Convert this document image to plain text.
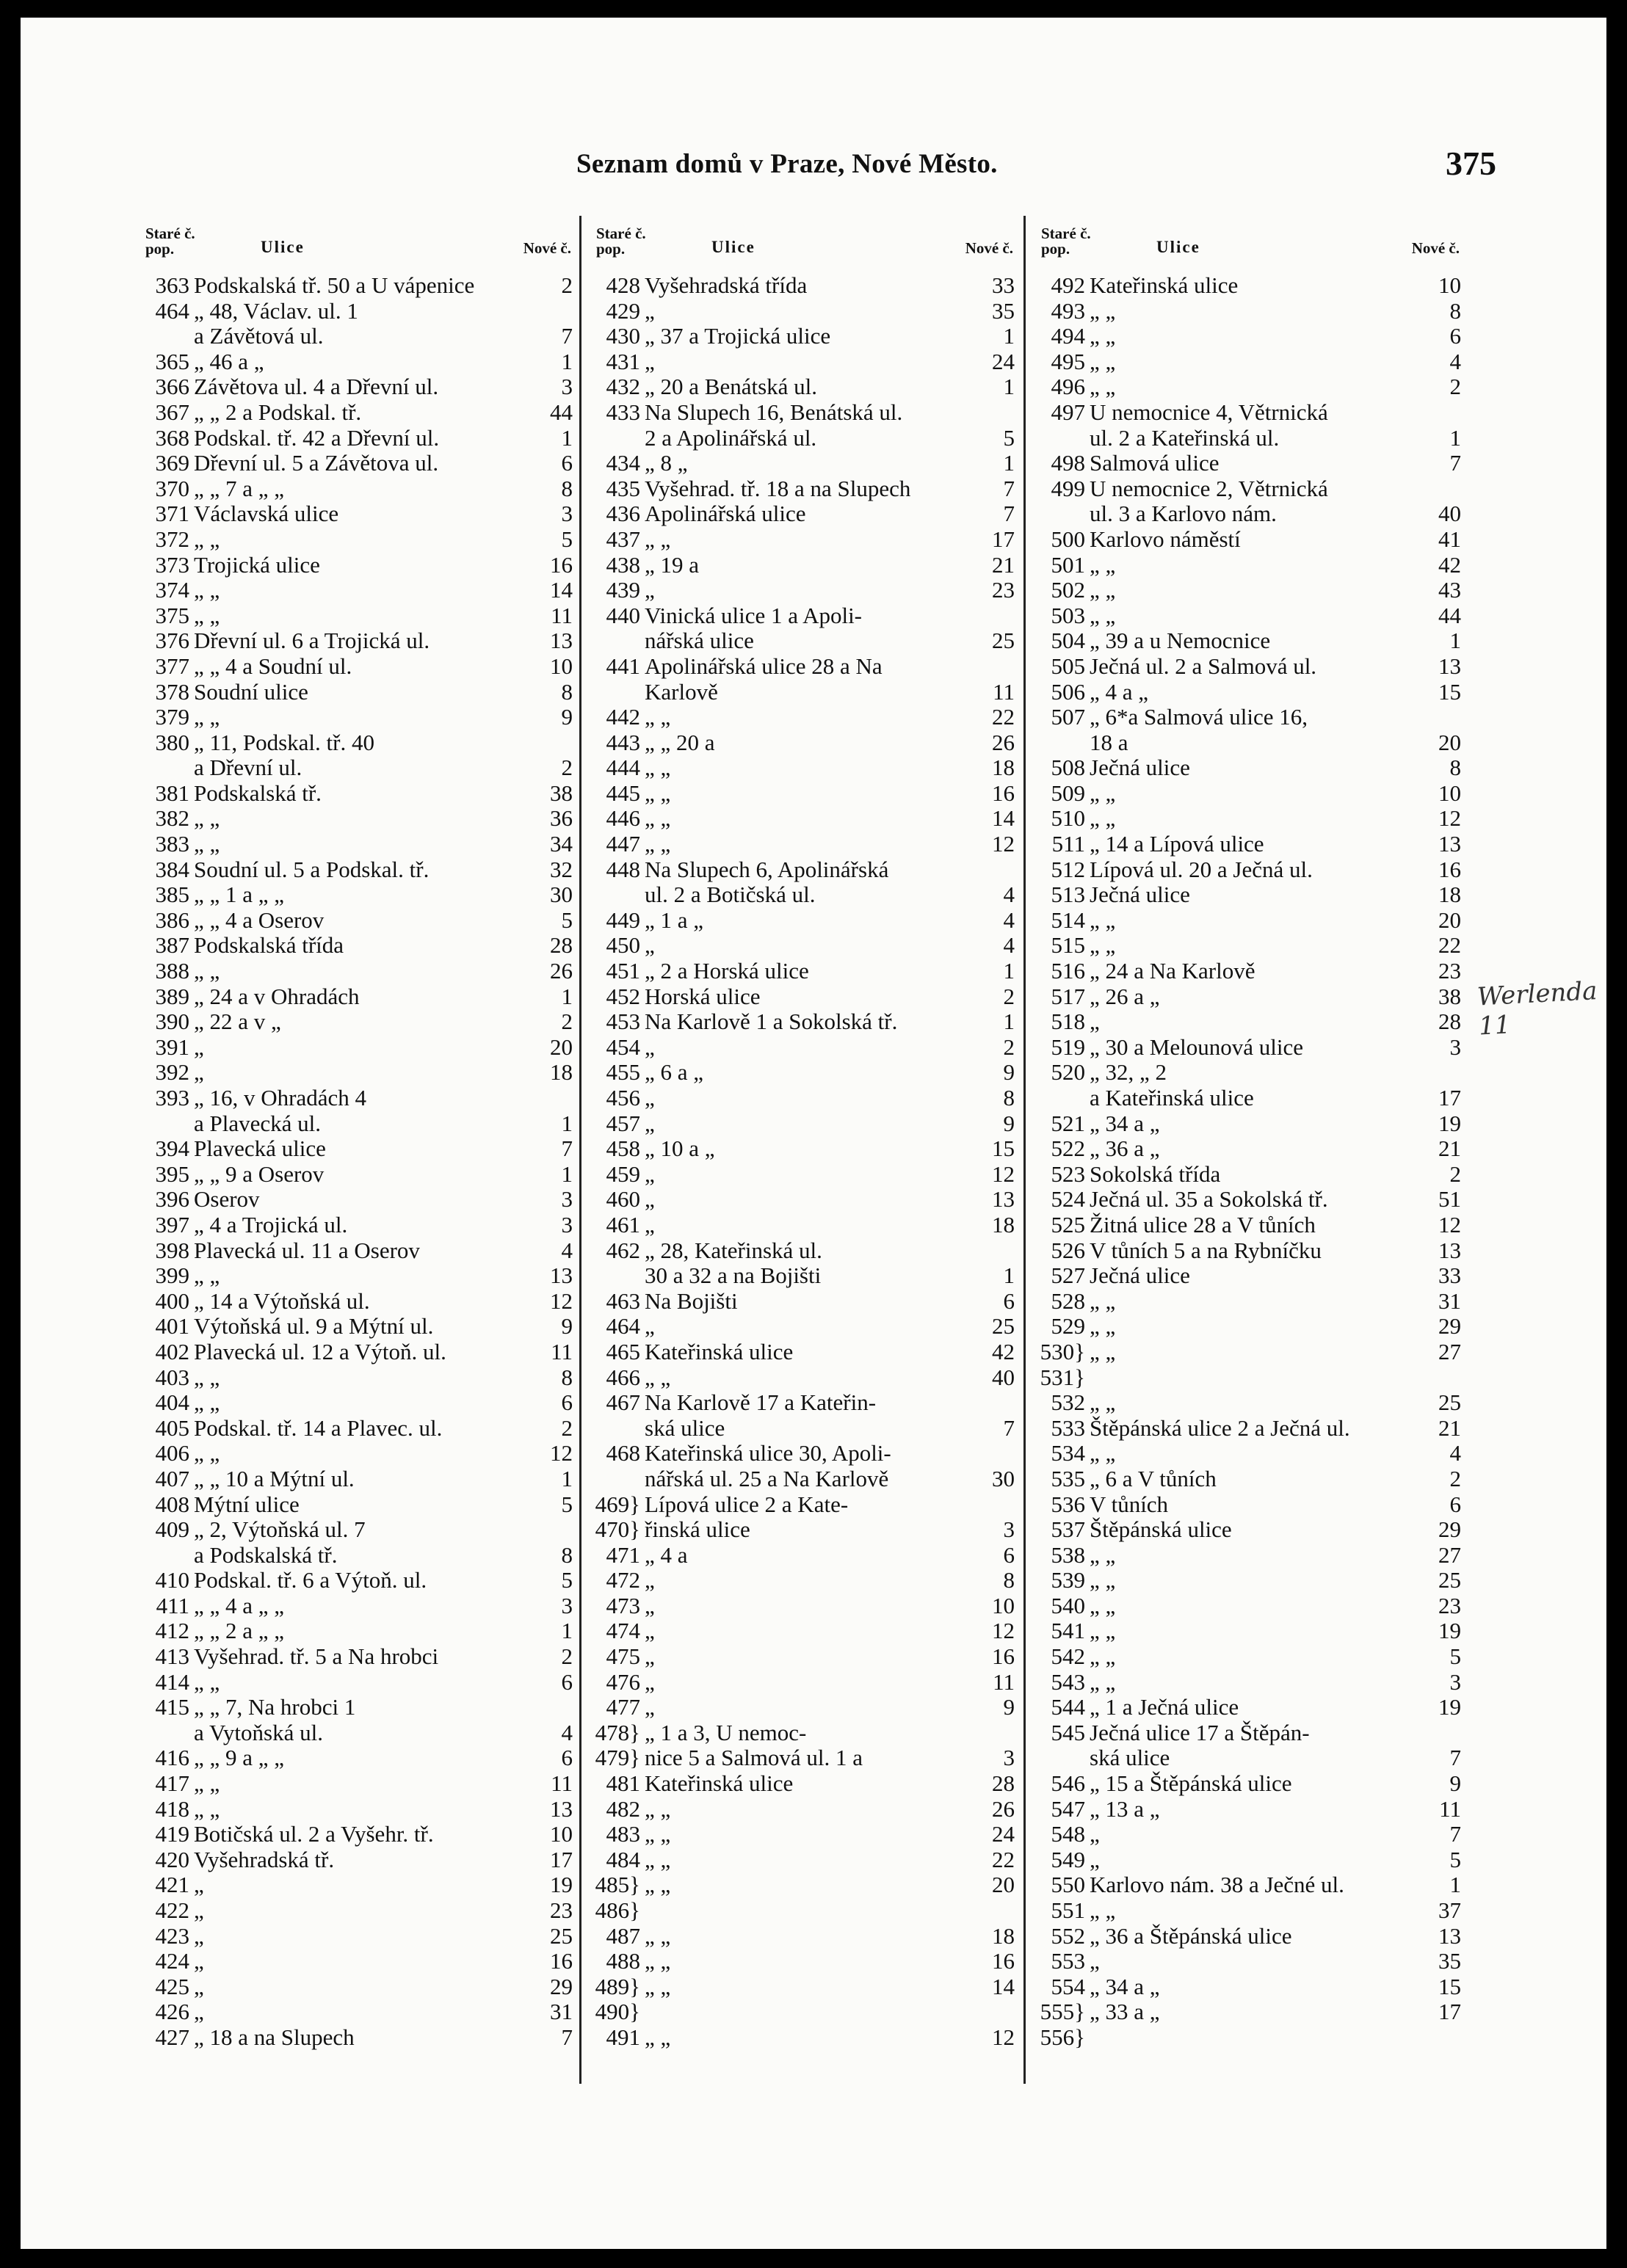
Seznam domů v Praze, Nové Město.	375
Staré č.
pop.	Ulice	Nové č.
363 Podskalská tř. 50 a U vápenice	2
464 „ 48, Václav. ul. 1
a Závětová ul.	7
365 „ 46 a „	1
366 Závětova ul. 4 a Dřevní ul.	3
367 „ „ 2 a Podskal. tř.	44
368 Podskal. tř. 42 a Dřevní ul.	1
369 Dřevní ul. 5 a Závětova ul.	6
370 „ „ 7 a „ „	8
371 Václavská ulice	3
372 „ „	5
373 Trojická ulice	16
374 „ „	14
375 „ „	11
376 Dřevní ul. 6 a Trojická ul.	13
377 „ „ 4 a Soudní ul.	10
378 Soudní ulice	8
379 „ „	9
380 „ 11, Podskal. tř. 40
a Dřevní ul.	2
381 Podskalská tř.	38
382 „ „	36
383 „ „	34
384 Soudní ul. 5 a Podskal. tř.	32
385 „ „ 1 a „ „	30
386 „ „ 4 a Oserov	5
387 Podskalská třída	28
388 „ „	26
389 „ 24 a v Ohradách	1
390 „ 22 a v „	2
391 „	20
392 „	18
393 „ 16, v Ohradách 4
a Plavecká ul.	1
394 Plavecká ulice	7
395 „ „ 9 a Oserov	1
396 Oserov	3
397 „ 4 a Trojická ul.	3
398 Plavecká ul. 11 a Oserov	4
399 „ „	13
400 „ 14 a Výtoňská ul.	12
401 Výtoňská ul. 9 a Mýtní ul.	9
402 Plavecká ul. 12 a Výtoň. ul.	11
403 „ „	8
404 „ „	6
405 Podskal. tř. 14 a Plavec. ul.	2
406 „ „	12
407 „ „ 10 a Mýtní ul.	1
408 Mýtní ulice	5
409 „ 2, Výtoňská ul. 7
a Podskalská tř.	8
410 Podskal. tř. 6 a Výtoň. ul.	5
411 „ „ 4 a „ „	3
412 „ „ 2 a „ „	1
413 Vyšehrad. tř. 5 a Na hrobci	2
414 „ „	6
415 „ „ 7, Na hrobci 1
a Vytoňská ul.	4
416 „ „ 9 a „ „	6
417 „ „	11
418 „ „	13
419 Botičská ul. 2 a Vyšehr. tř.	10
420 Vyšehradská tř.	17
421 „	19
422 „	23
423 „	25
424 „	16
425 „	29
426 „	31
427 „ 18 a na Slupech	7
Staré č.
pop.	Ulice	Nové č.
428 Vyšehradská třída	33
429 „	35
430 „ 37 a Trojická ulice	1
431 „	24
432 „ 20 a Benátská ul.	1
433 Na Slupech 16, Benátská ul.
2 a Apolinářská ul.	5
434 „ 8 „	1
435 Vyšehrad. tř. 18 a na Slupech	7
436 Apolinářská ulice	7
437 „ „	17
438 „ 19 a	21
439 „	23
440 Vinická ulice 1 a Apoli-
nářská ulice	25
441 Apolinářská ulice 28 a Na
Karlově	11
442 „ „	22
443 „ „ 20 a	26
444 „ „	18
445 „ „	16
446 „ „	14
447 „ „	12
448 Na Slupech 6, Apolinářská
ul. 2 a Botičská ul.	4
449 „ 1 a „	4
450 „	4
451 „ 2 a Horská ulice	1
452 Horská ulice	2
453 Na Karlově 1 a Sokolská tř.	1
454 „	2
455 „ 6 a „	9
456 „	8
457 „	9
458 „ 10 a „	15
459 „	12
460 „	13
461 „	18
462 „ 28, Kateřinská ul.
30 a 32 a na Bojišti	1
463 Na Bojišti	6
464 „	25
465 Kateřinská ulice	42
466 „ „	40
467 Na Karlově 17 a Kateřin-
ská ulice	7
468 Kateřinská ulice 30, Apoli-
nářská ul. 25 a Na Karlově	30
469} Lípová ulice 2 a Kate-
470} řinská ulice	3
471 „ 4 a	6
472 „	8
473 „	10
474 „	12
475 „	16
476 „	11
477 „	9
478} „ 1 a 3, U nemoc-
479} nice 5 a Salmová ul. 1 a	3
481 Kateřinská ulice	28
482 „ „	26
483 „ „	24
484 „ „	22
485} „ „	20
486}
487 „ „	18
488 „ „	16
489} „ „	14
490}
491 „ „	12
Staré č.
pop.	Ulice	Nové č.
492 Kateřinská ulice	10
493 „ „	8
494 „ „	6
495 „ „	4
496 „ „	2
497 U nemocnice 4, Větrnická
ul. 2 a Kateřinská ul.	1
498 Salmová ulice	7
499 U nemocnice 2, Větrnická
ul. 3 a Karlovo nám.	40
500 Karlovo náměstí	41
501 „ „	42
502 „ „	43
503 „ „	44
504 „ 39 a u Nemocnice	1
505 Ječná ul. 2 a Salmová ul.	13
506 „ 4 a „	15
507 „ 6*a Salmová ulice 16,
18 a	20
508 Ječná ulice	8
509 „ „	10
510 „ „	12
511 „ 14 a Lípová ulice	13
512 Lípová ul. 20 a Ječná ul.	16
513 Ječná ulice	18
514 „ „	20
515 „ „	22
516 „ 24 a Na Karlově	23
517 „ 26 a „	38
518 „	28
519 „ 30 a Melounová ulice	3
520 „ 32, „ 2
a Kateřinská ulice	17
521 „ 34 a „	19
522 „ 36 a „	21
523 Sokolská třída	2
524 Ječná ul. 35 a Sokolská tř.	51
525 Žitná ulice 28 a V tůních	12
526 V tůních 5 a na Rybníčku	13
527 Ječná ulice	33
528 „ „	31
529 „ „	29
530} „ „	27
531}
532 „ „	25
533 Štěpánská ulice 2 a Ječná ul.	21
534 „ „	4
535 „ 6 a V tůních	2
536 V tůních	6
537 Štěpánská ulice	29
538 „ „	27
539 „ „	25
540 „ „	23
541 „ „	19
542 „ „	5
543 „ „	3
544 „ 1 a Ječná ulice	19
545 Ječná ulice 17 a Štěpán-
ská ulice	7
546 „ 15 a Štěpánská ulice	9
547 „ 13 a „	11
548 „	7
549 „	5
550 Karlovo nám. 38 a Ječné ul.	1
551 „ „	37
552 „ 36 a Štěpánská ulice	13
553 „	35
554 „ 34 a „	15
555} „ 33 a „	17
556}
Werlenda 11
